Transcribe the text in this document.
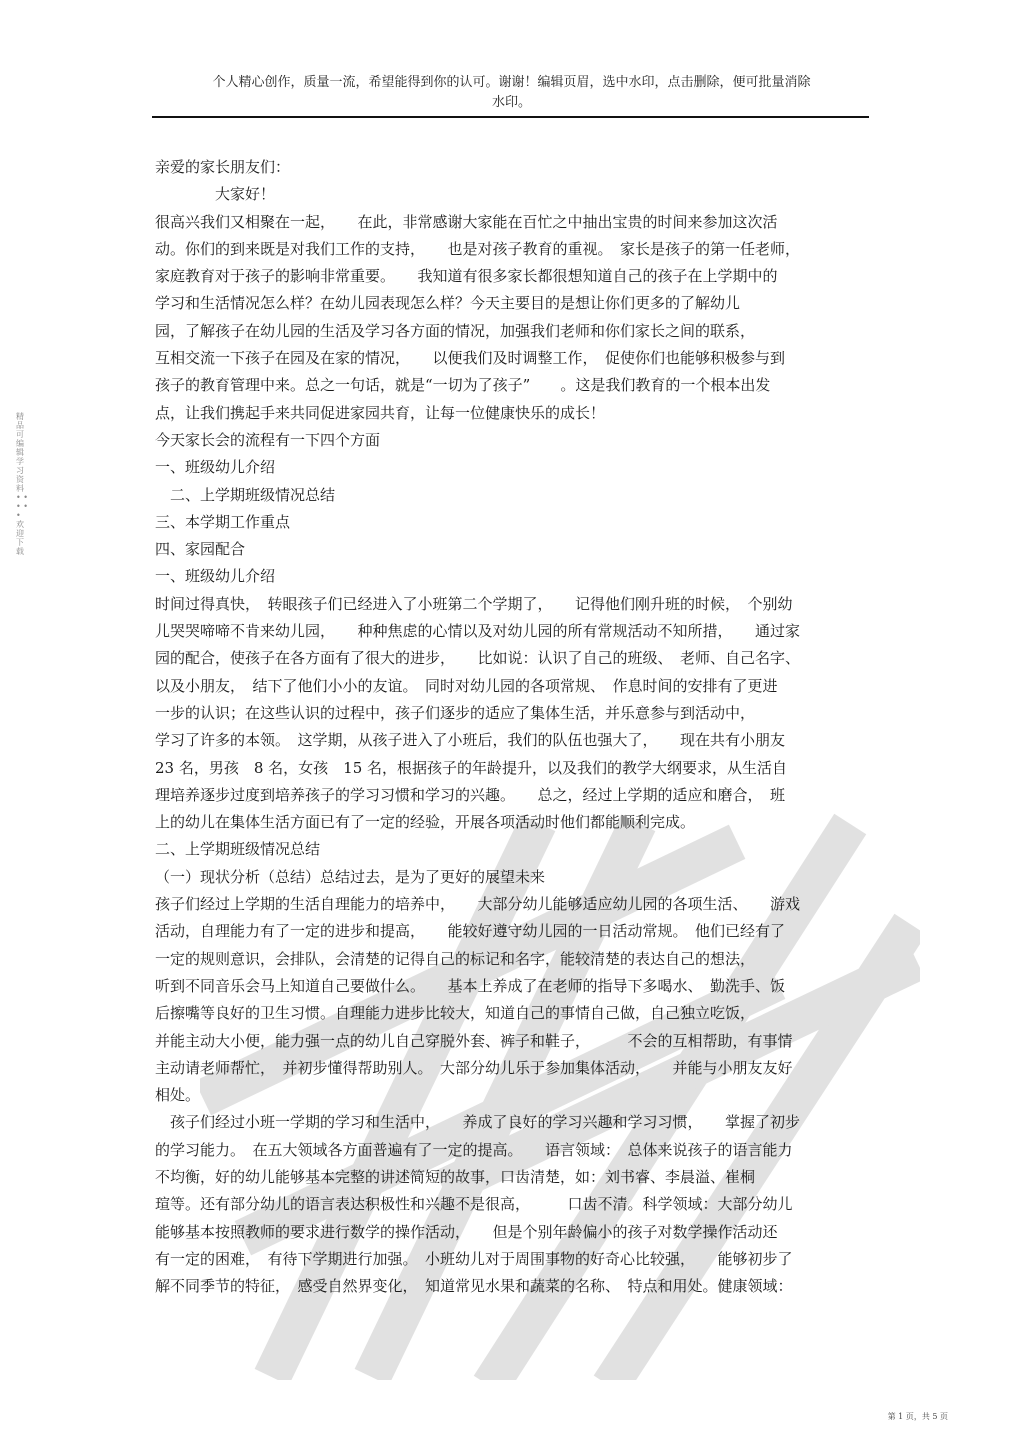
个人精心创作，质量一流，希望能得到你的认可。谢谢！编辑页眉，选中水印，点击删除，便可批量消除
水印。
精品可编辑学习资料 • • • • • 欢迎下载

亲爱的家长朋友们：

　　　　大家好！

很高兴我们又相聚在一起，　　在此，非常感谢大家能在百忙之中抽出宝贵的时间来参加这次活

动。你们的到来既是对我们工作的支持，　　也是对孩子教育的重视。　家长是孩子的第一任老师，

家庭教育对于孩子的影响非常重要。　　我知道有很多家长都很想知道自己的孩子在上学期中的

学习和生活情况怎么样？在幼儿园表现怎么样？今天主要目的是想让你们更多的了解幼儿

园，了解孩子在幼儿园的生活及学习各方面的情况，加强我们老师和你们家长之间的联系，

互相交流一下孩子在园及在家的情况，　　以便我们及时调整工作，　促使你们也能够积极参与到

孩子的教育管理中来。总之一句话，就是“一切为了孩子”　　。这是我们教育的一个根本出发

点，让我们携起手来共同促进家园共育，让每一位健康快乐的成长！

今天家长会的流程有一下四个方面

一、班级幼儿介绍

　二、上学期班级情况总结

三、本学期工作重点

四、家园配合

一、班级幼儿介绍

时间过得真快，　转眼孩子们已经进入了小班第二个学期了，　　记得他们刚升班的时候，　个别幼

儿哭哭啼啼不肯来幼儿园，　　种种焦虑的心情以及对幼儿园的所有常规活动不知所措，　　通过家

园的配合，使孩子在各方面有了很大的进步，　　比如说：认识了自己的班级、　老师、自己名字、

以及小朋友，　结下了他们小小的友谊。　同时对幼儿园的各项常规、　作息时间的安排有了更进

一步的认识；在这些认识的过程中，孩子们逐步的适应了集体生活，并乐意参与到活动中，

学习了许多的本领。　这学期，从孩子进入了小班后，我们的队伍也强大了，　　现在共有小朋友

23 名，男孩　8 名，女孩　15 名，根据孩子的年龄提升，以及我们的教学大纲要求，从生活自

理培养逐步过度到培养孩子的学习习惯和学习的兴趣。　　总之，经过上学期的适应和磨合，　班

上的幼儿在集体生活方面已有了一定的经验，开展各项活动时他们都能顺利完成。

二、上学期班级情况总结

（一）现状分析（总结）总结过去，是为了更好的展望未来

孩子们经过上学期的生活自理能力的培养中，　　大部分幼儿能够适应幼儿园的各项生活、　　游戏

活动，自理能力有了一定的进步和提高，　　能较好遵守幼儿园的一日活动常规。　他们已经有了

一定的规则意识，会排队，会清楚的记得自己的标记和名字，能较清楚的表达自己的想法，

听到不同音乐会马上知道自己要做什么。　　基本上养成了在老师的指导下多喝水、　勤洗手、饭

后擦嘴等良好的卫生习惯。自理能力进步比较大，知道自己的事情自己做，自己独立吃饭，

并能主动大小便，能力强一点的幼儿自己穿脱外套、裤子和鞋子，　　　不会的互相帮助，有事情

主动请老师帮忙，　并初步懂得帮助别人。　大部分幼儿乐于参加集体活动，　　并能与小朋友友好

相处。

　孩子们经过小班一学期的学习和生活中，　　养成了良好的学习兴趣和学习习惯，　　掌握了初步

的学习能力。　在五大领域各方面普遍有了一定的提高。　　语言领域：　总体来说孩子的语言能力

不均衡，好的幼儿能够基本完整的讲述简短的故事，口齿清楚，如：刘书睿、李晨溢、崔桐

瑄等。还有部分幼儿的语言表达积极性和兴趣不是很高，　　　口齿不清。科学领域：大部分幼儿

能够基本按照教师的要求进行数学的操作活动，　　但是个别年龄偏小的孩子对数学操作活动还

有一定的困难，　有待下学期进行加强。　小班幼儿对于周围事物的好奇心比较强，　　能够初步了

解不同季节的特征，　感受自然界变化，　知道常见水果和蔬菜的名称、　特点和用处。健康领域：

第 1 页，共 5 页
